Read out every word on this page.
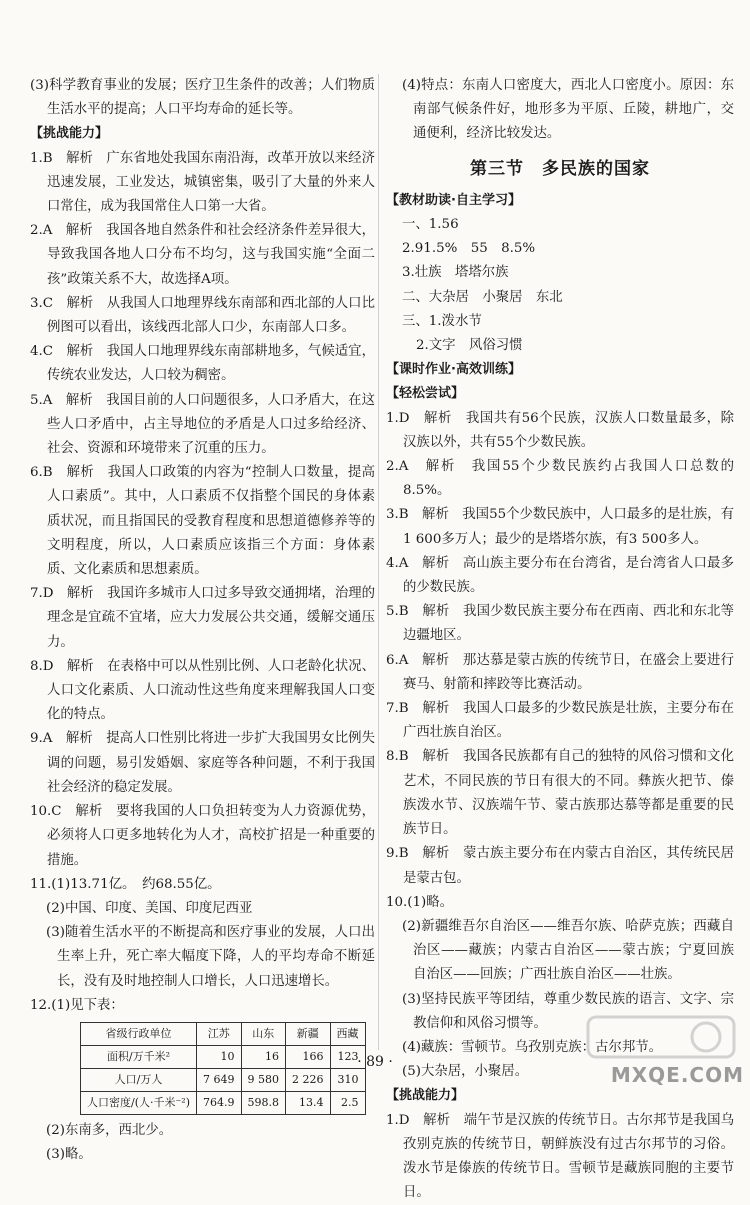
(3)科学教育事业的发展；医疗卫生条件的改善；人们物质生活水平的提高；人口平均寿命的延长等。

【挑战能力】

1.B　解析　广东省地处我国东南沿海，改革开放以来经济迅速发展，工业发达，城镇密集，吸引了大量的外来人口常住，成为我国常住人口第一大省。

2.A　解析　我国各地自然条件和社会经济条件差异很大，导致我国各地人口分布不均匀，这与我国实施“全面二孩”政策关系不大，故选择A项。

3.C　解析　从我国人口地理界线东南部和西北部的人口比例图可以看出，该线西北部人口少，东南部人口多。

4.C　解析　我国人口地理界线东南部耕地多，气候适宜，传统农业发达，人口较为稠密。

5.A　解析　我国目前的人口问题很多，人口矛盾大，在这些人口矛盾中，占主导地位的矛盾是人口过多给经济、社会、资源和环境带来了沉重的压力。

6.B　解析　我国人口政策的内容为“控制人口数量，提高人口素质”。其中，人口素质不仅指整个国民的身体素质状况，而且指国民的受教育程度和思想道德修养等的文明程度，所以，人口素质应该指三个方面：身体素质、文化素质和思想素质。

7.D　解析　我国许多城市人口过多导致交通拥堵，治理的理念是宜疏不宜堵，应大力发展公共交通，缓解交通压力。

8.D　解析　在表格中可以从性别比例、人口老龄化状况、人口文化素质、人口流动性这些角度来理解我国人口变化的特点。

9.A　解析　提高人口性别比将进一步扩大我国男女比例失调的问题，易引发婚姻、家庭等各种问题，不利于我国社会经济的稳定发展。

10.C　解析　要将我国的人口负担转变为人力资源优势，必须将人口更多地转化为人才，高校扩招是一种重要的措施。

11.(1)13.71亿。　约68.55亿。

(2)中国、印度、美国、印度尼西亚

(3)随着生活水平的不断提高和医疗事业的发展，人口出生率上升，死亡率大幅度下降，人的平均寿命不断延长，没有及时地控制人口增长，人口迅速增长。

12.(1)见下表：

省级行政单位	江苏	山东	新疆	西藏
面积/万千米²	10	16	166	123
人口/万人	7 649	9 580	2 226	310
人口密度/(人·千米⁻²)	764.9	598.8	13.4	2.5

(2)东南多，西北少。

(3)略。

(4)特点：东南人口密度大，西北人口密度小。原因：东南部气候条件好，地形多为平原、丘陵，耕地广，交通便利，经济比较发达。

第三节　多民族的国家

【教材助读·自主学习】

一、1.56

2.91.5%　55　8.5%

3.壮族　塔塔尔族

二、大杂居　小聚居　东北

三、1.泼水节

2.文字　风俗习惯

【课时作业·高效训练】

【轻松尝试】

1.D　解析　我国共有56个民族，汉族人口数量最多，除汉族以外，共有55个少数民族。

2.A　解析　我国55个少数民族约占我国人口总数的8.5%。

3.B　解析　我国55个少数民族中，人口最多的是壮族，有1 600多万人；最少的是塔塔尔族，有3 500多人。

4.A　解析　高山族主要分布在台湾省，是台湾省人口最多的少数民族。

5.B　解析　我国少数民族主要分布在西南、西北和东北等边疆地区。

6.A　解析　那达慕是蒙古族的传统节日，在盛会上要进行赛马、射箭和摔跤等比赛活动。

7.B　解析　我国人口最多的少数民族是壮族，主要分布在广西壮族自治区。

8.B　解析　我国各民族都有自己的独特的风俗习惯和文化艺术，不同民族的节日有很大的不同。彝族火把节、傣族泼水节、汉族端午节、蒙古族那达慕等都是重要的民族节日。

9.B　解析　蒙古族主要分布在内蒙古自治区，其传统民居是蒙古包。

10.(1)略。

(2)新疆维吾尔自治区——维吾尔族、哈萨克族；西藏自治区——藏族；内蒙古自治区——蒙古族；宁夏回族自治区——回族；广西壮族自治区——壮族。

(3)坚持民族平等团结，尊重少数民族的语言、文字、宗教信仰和风俗习惯等。

(4)藏族：雪顿节。乌孜别克族：古尔邦节。

(5)大杂居，小聚居。

【挑战能力】

1.D　解析　端午节是汉族的传统节日。古尔邦节是我国乌孜别克族的传统节日，朝鲜族没有过古尔邦节的习俗。泼水节是傣族的传统节日。雪顿节是藏族同胞的主要节日。

· 89 ·
MXQE.COM
